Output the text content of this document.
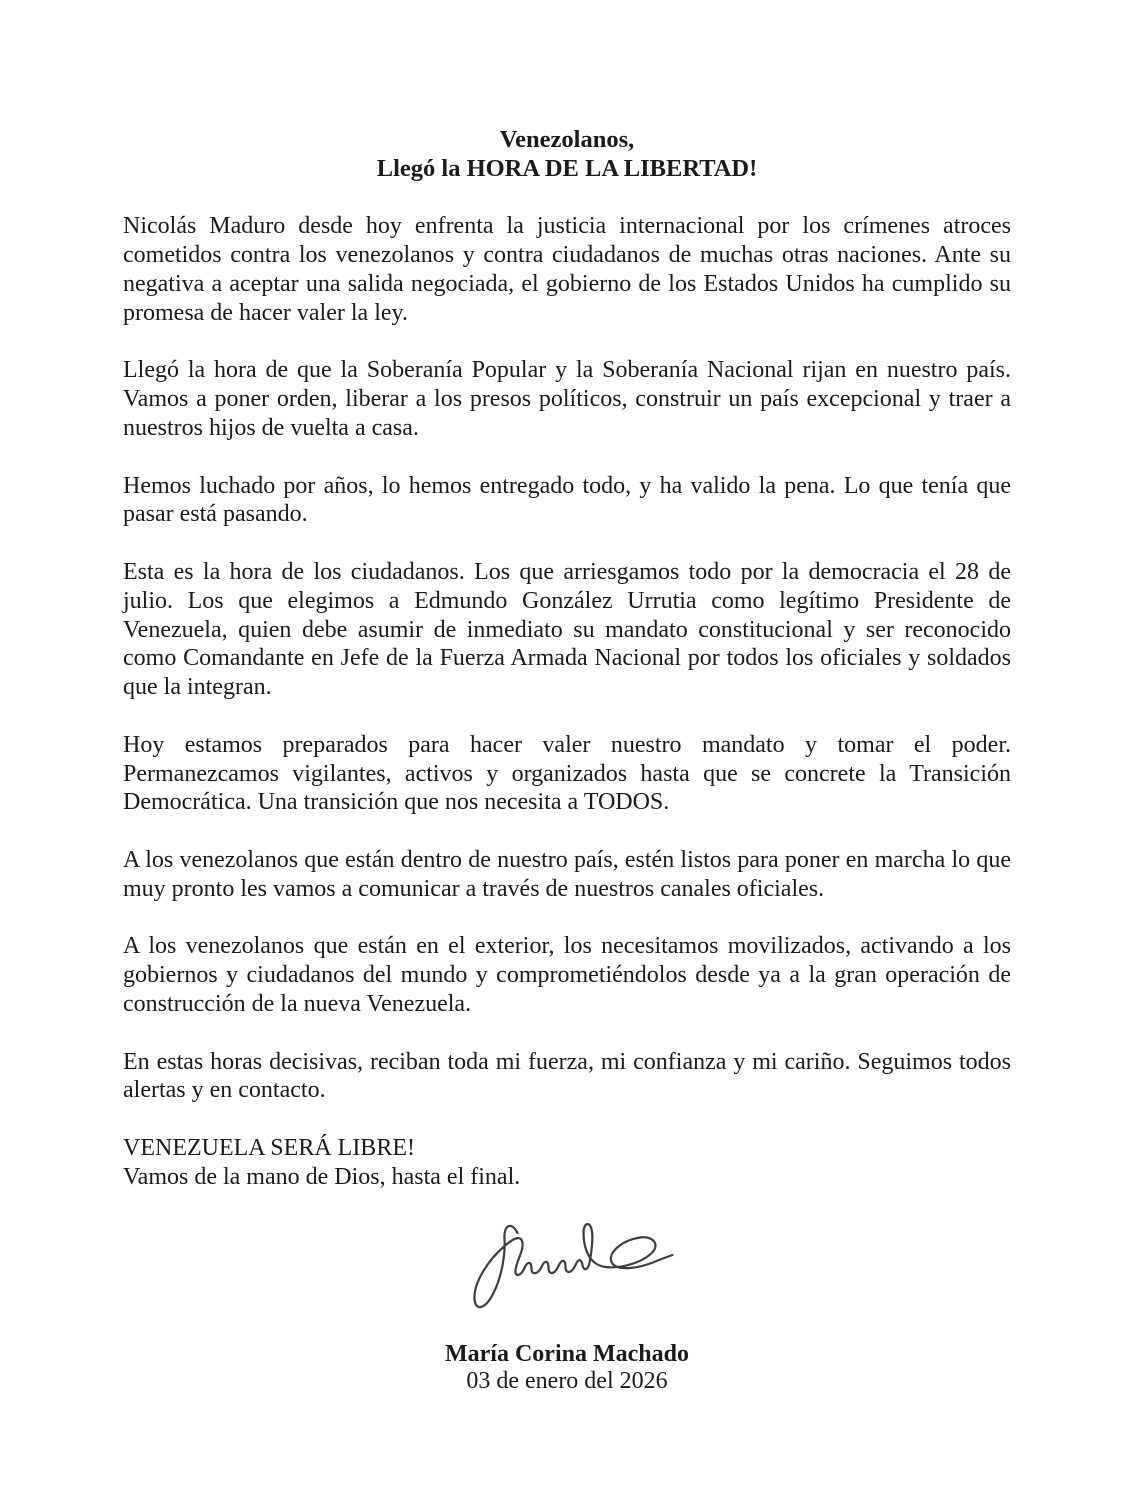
Venezolanos,
Llegó la HORA DE LA LIBERTAD!

Nicolás Maduro desde hoy enfrenta la justicia internacional por los crímenes atroces cometidos contra los venezolanos y contra ciudadanos de muchas otras naciones. Ante su negativa a aceptar una salida negociada, el gobierno de los Estados Unidos ha cumplido su promesa de hacer valer la ley.

Llegó la hora de que la Soberanía Popular y la Soberanía Nacional rijan en nuestro país. Vamos a poner orden, liberar a los presos políticos, construir un país excepcional y traer a nuestros hijos de vuelta a casa.

Hemos luchado por años, lo hemos entregado todo, y ha valido la pena. Lo que tenía que pasar está pasando.

Esta es la hora de los ciudadanos. Los que arriesgamos todo por la democracia el 28 de julio. Los que elegimos a Edmundo González Urrutia como legítimo Presidente de Venezuela, quien debe asumir de inmediato su mandato constitucional y ser reconocido como Comandante en Jefe de la Fuerza Armada Nacional por todos los oficiales y soldados que la integran.

Hoy estamos preparados para hacer valer nuestro mandato y tomar el poder. Permanezcamos vigilantes, activos y organizados hasta que se concrete la Transición Democrática. Una transición que nos necesita a TODOS.

A los venezolanos que están dentro de nuestro país, estén listos para poner en marcha lo que muy pronto les vamos a comunicar a través de nuestros canales oficiales.

A los venezolanos que están en el exterior, los necesitamos movilizados, activando a los gobiernos y ciudadanos del mundo y comprometiéndolos desde ya a la gran operación de construcción de la nueva Venezuela.

En estas horas decisivas, reciban toda mi fuerza, mi confianza y mi cariño. Seguimos todos alertas y en contacto.

VENEZUELA SERÁ LIBRE!
Vamos de la mano de Dios, hasta el final.
María Corina Machado
03 de enero del 2026
